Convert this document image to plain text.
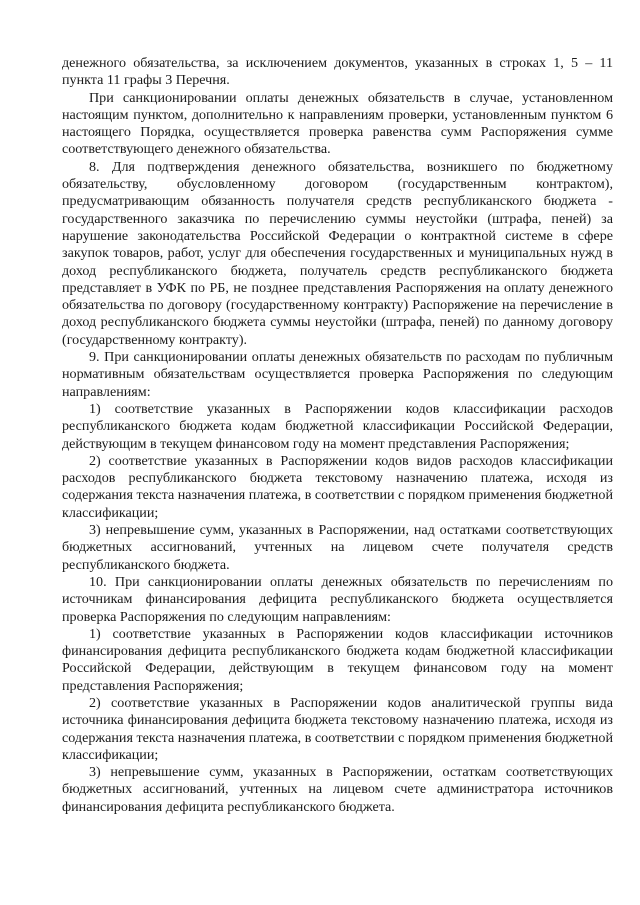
денежного обязательства, за исключением документов, указанных в строках 1, 5 – 11 пункта 11 графы 3 Перечня.

При санкционировании оплаты денежных обязательств в случае, установленном настоящим пунктом, дополнительно к направлениям проверки, установленным пунктом 6 настоящего Порядка, осуществляется проверка равенства сумм Распоряжения сумме соответствующего денежного обязательства.

8. Для подтверждения денежного обязательства, возникшего по бюджетному обязательству, обусловленному договором (государственным контрактом), предусматривающим обязанность получателя средств республиканского бюджета - государственного заказчика по перечислению суммы неустойки (штрафа, пеней) за нарушение законодательства Российской Федерации о контрактной системе в сфере закупок товаров, работ, услуг для обеспечения государственных и муниципальных нужд в доход республиканского бюджета, получатель средств республиканского бюджета представляет в УФК по РБ, не позднее представления Распоряжения на оплату денежного обязательства по договору (государственному контракту) Распоряжение на перечисление в доход республиканского бюджета суммы неустойки (штрафа, пеней) по данному договору (государственному контракту).

9. При санкционировании оплаты денежных обязательств по расходам по публичным нормативным обязательствам осуществляется проверка Распоряжения по следующим направлениям:

1) соответствие указанных в Распоряжении кодов классификации расходов республиканского бюджета кодам бюджетной классификации Российской Федерации, действующим в текущем финансовом году на момент представления Распоряжения;

2) соответствие указанных в Распоряжении кодов видов расходов классификации расходов республиканского бюджета текстовому назначению платежа, исходя из содержания текста назначения платежа, в соответствии с порядком применения бюджетной классификации;

3) непревышение сумм, указанных в Распоряжении, над остатками соответствующих бюджетных ассигнований, учтенных на лицевом счете получателя средств республиканского бюджета.

10. При санкционировании оплаты денежных обязательств по перечислениям по источникам финансирования дефицита республиканского бюджета осуществляется проверка Распоряжения по следующим направлениям:

1) соответствие указанных в Распоряжении кодов классификации источников финансирования дефицита республиканского бюджета кодам бюджетной классификации Российской Федерации, действующим в текущем финансовом году на момент представления Распоряжения;

2) соответствие указанных в Распоряжении кодов аналитической группы вида источника финансирования дефицита бюджета текстовому назначению платежа, исходя из содержания текста назначения платежа, в соответствии с порядком применения бюджетной классификации;

3) непревышение сумм, указанных в Распоряжении, остаткам соответствующих бюджетных ассигнований, учтенных на лицевом счете администратора источников финансирования дефицита республиканского бюджета.
